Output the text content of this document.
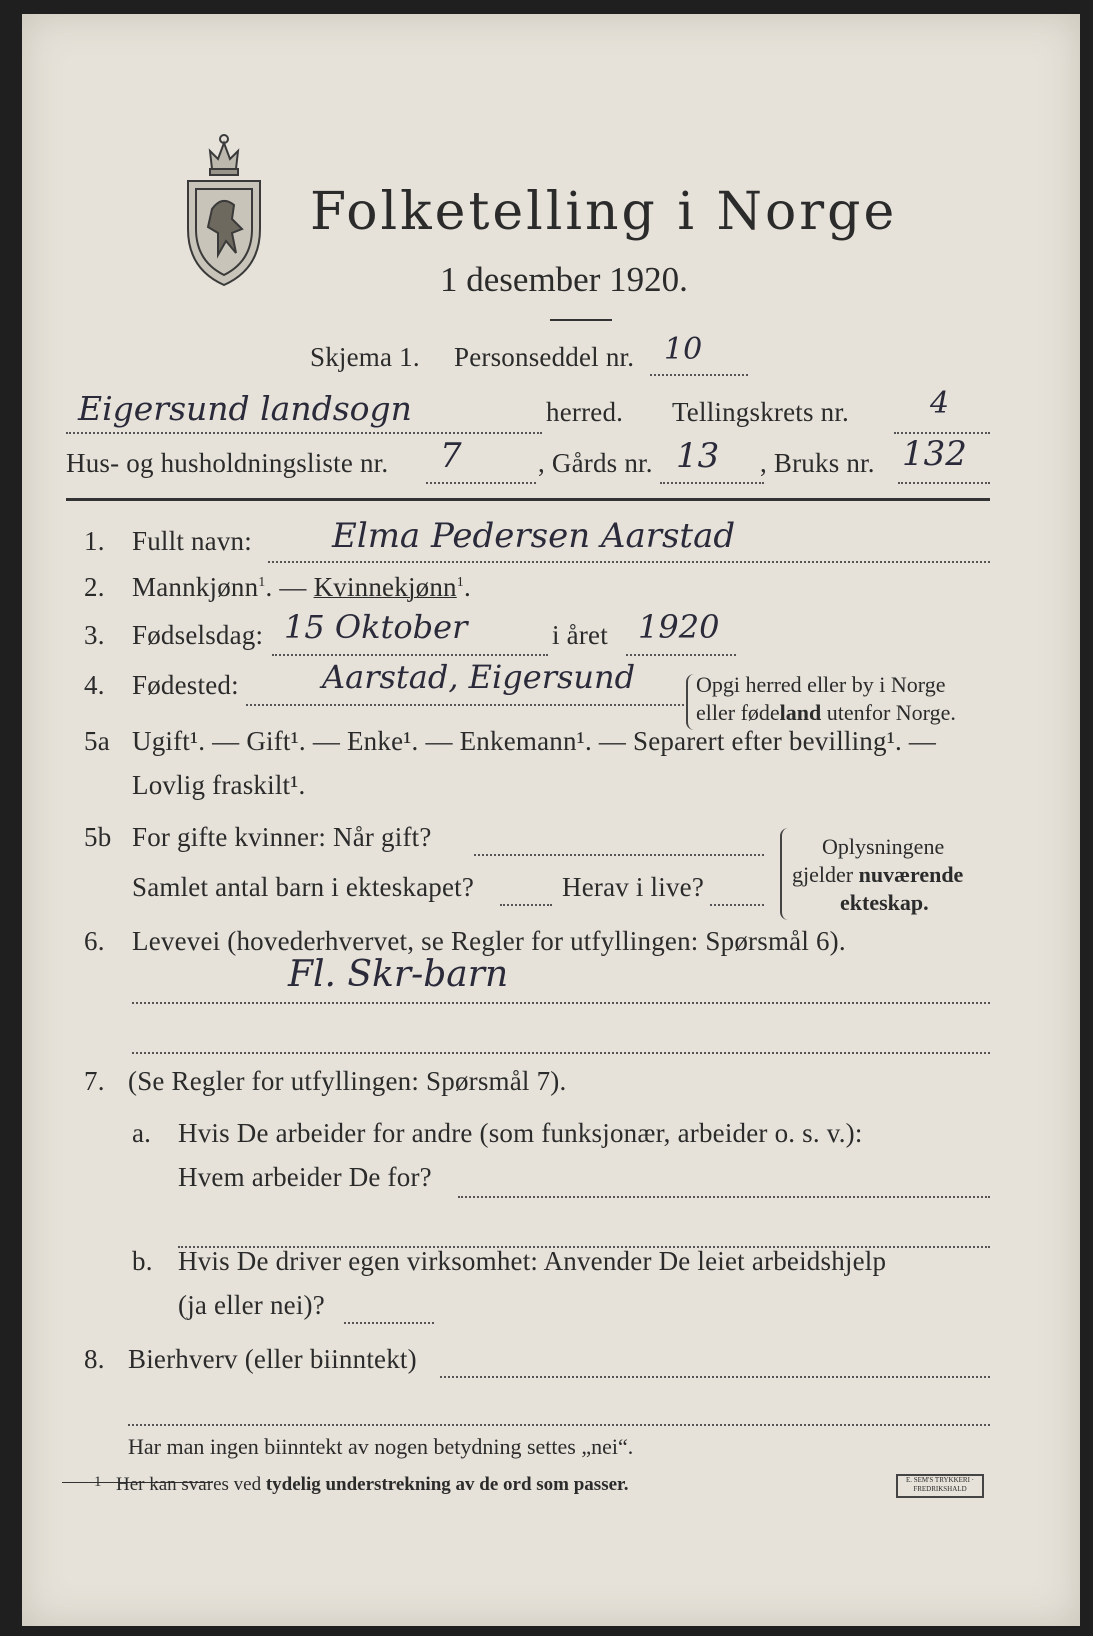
Folketelling i Norge
1 desember 1920.
Skjema 1. Personseddel nr. 10
Eigersund landsogn	herred. Tellingskrets nr.	4
Hus- og husholdningsliste nr. 7	, Gårds nr. 13 , Bruks nr. 132
1. Fullt navn: Elma Pedersen Aarstad
2. Mannkjønn$^1$. — Kvinnekjønn$^1$.
3. Fødselsdag: 15 Oktober	i året 1920
4. Fødested:	Aarstad, Eigersund	Opgi herred eller by i Norge
eller fødeland utenfor Norge.
5a Ugift¹. — Gift¹. — Enke¹. — Enkemann¹. — Separert efter bevilling¹. —
Lovlig fraskilt¹.
5b For gifte kvinner: Når gift?
Samlet antal barn i ekteskapet?	Herav i live?
Oplysningene
gjelder nuværende
ekteskap.
6. Levevei (hovederhvervet, se Regler for utfyllingen: Spørsmål 6).
Fl. Skr-barn
7. (Se Regler for utfyllingen: Spørsmål 7).
a. Hvis De arbeider for andre (som funksjonær, arbeider o. s. v.):
Hvem arbeider De for?
b. Hvis De driver egen virksomhet: Anvender De leiet arbeidshjelp
(ja eller nei)?
8. Bierhverv (eller biinntekt)
Har man ingen biinntekt av nogen betydning settes „nei“.
1 Her kan svares ved tydelig understrekning av de ord som passer.	E. SEM'S TRYKKERI · FREDRIKSHALD
